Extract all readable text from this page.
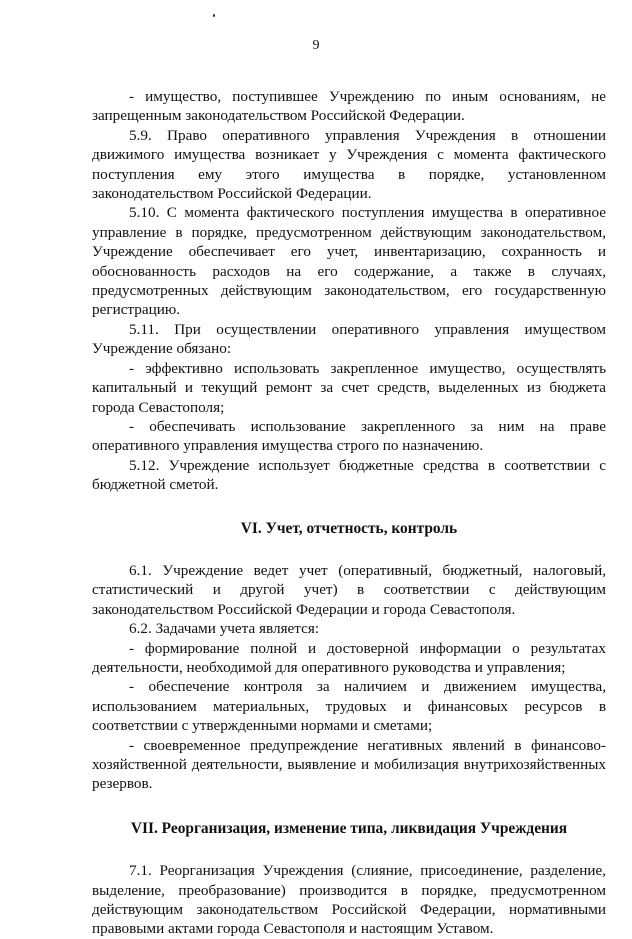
9

- имущество, поступившее Учреждению по иным основаниям, не запрещенным законодательством Российской Федерации.

5.9. Право оперативного управления Учреждения в отношении движимого имущества возникает у Учреждения с момента фактического поступления ему этого имущества в порядке, установленном законодательством Российской Федерации.

5.10. С момента фактического поступления имущества в оперативное управление в порядке, предусмотренном действующим законодательством, Учреждение обеспечивает его учет, инвентаризацию, сохранность и обоснованность расходов на его содержание, а также в случаях, предусмотренных действующим законодательством, его государственную регистрацию.

5.11. При осуществлении оперативного управления имуществом Учреждение обязано:

- эффективно использовать закрепленное имущество, осуществлять капитальный и текущий ремонт за счет средств, выделенных из бюджета города Севастополя;

- обеспечивать использование закрепленного за ним на праве оперативного управления имущества строго по назначению.

5.12. Учреждение использует бюджетные средства в соответствии с бюджетной сметой.

VI. Учет, отчетность, контроль

6.1. Учреждение ведет учет (оперативный, бюджетный, налоговый, статистический и другой учет) в соответствии с действующим законодательством Российской Федерации и города Севастополя.

6.2. Задачами учета является:

- формирование полной и достоверной информации о результатах деятельности, необходимой для оперативного руководства и управления;

- обеспечение контроля за наличием и движением имущества, использованием материальных, трудовых и финансовых ресурсов в соответствии с утвержденными нормами и сметами;

- своевременное предупреждение негативных явлений в финансово-хозяйственной деятельности, выявление и мобилизация внутрихозяйственных резервов.

VII. Реорганизация, изменение типа, ликвидация Учреждения

7.1. Реорганизация Учреждения (слияние, присоединение, разделение, выделение, преобразование) производится в порядке, предусмотренном действующим законодательством Российской Федерации, нормативными правовыми актами города Севастополя и настоящим Уставом.
